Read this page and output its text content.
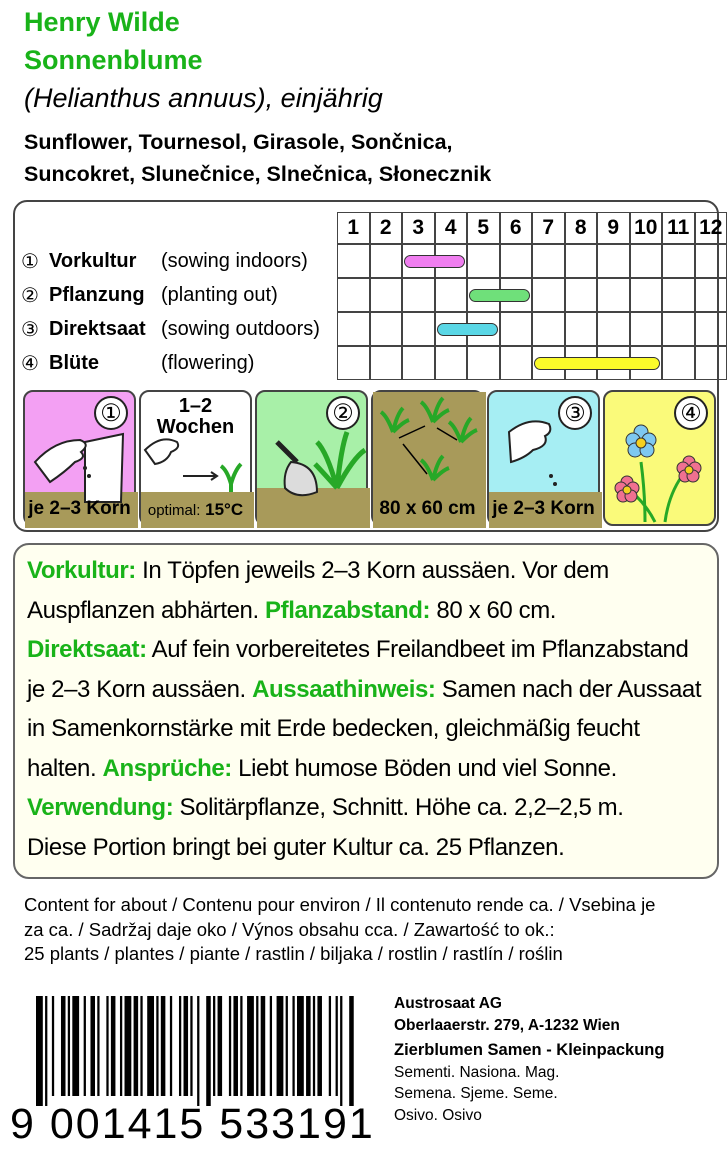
Henry Wilde
Sonnenblume
(Helianthus annuus), einjährig
Sunflower, Tournesol, Girasole, Sončnica,
Suncokret, Slunečnice, Slnečnica, Słonecznik
1 2 3 4 5 6 7 8 9 10 11 12
① Vorkultur	(sowing indoors)
② Pflanzung (planting out)
③ Direktsaat (sowing outdoors)
④ Blüte	(flowering)
①
je 2–3 Korn
1–2
Wochen
optimal: 15°C
②
80 x 60 cm
③
je 2–3 Korn
④

Vorkultur: In Töpfen jeweils 2–3 Korn aussäen. Vor dem

Auspflanzen abhärten. Pflanzabstand: 80 x 60 cm.

Direktsaat: Auf fein vorbereitetes Freilandbeet im Pflanzabstand

je 2–3 Korn aussäen. Aussaathinweis: Samen nach der Aussaat

in Samenkornstärke mit Erde bedecken, gleichmäßig feucht

halten. Ansprüche: Liebt humose Böden und viel Sonne.

Verwendung: Solitärpflanze, Schnitt. Höhe ca. 2,2–2,5 m.

Diese Portion bringt bei guter Kultur ca. 25 Pflanzen.

Content for about / Contenu pour environ / Il contenuto rende ca. / Vsebina je
za ca. / Sadržaj daje oko / Výnos obsahu cca. / Zawartość to ok.:
25 plants / plantes / piante / rastlin / biljaka / rostlin / rastlín / roślin
9 001415 533191
Austrosaat AG
Oberlaaerstr. 279, A-1232 Wien
Zierblumen Samen - Kleinpackung
Sementi. Nasiona. Mag.
Semena. Sjeme. Seme.
Osivo. Osivo
